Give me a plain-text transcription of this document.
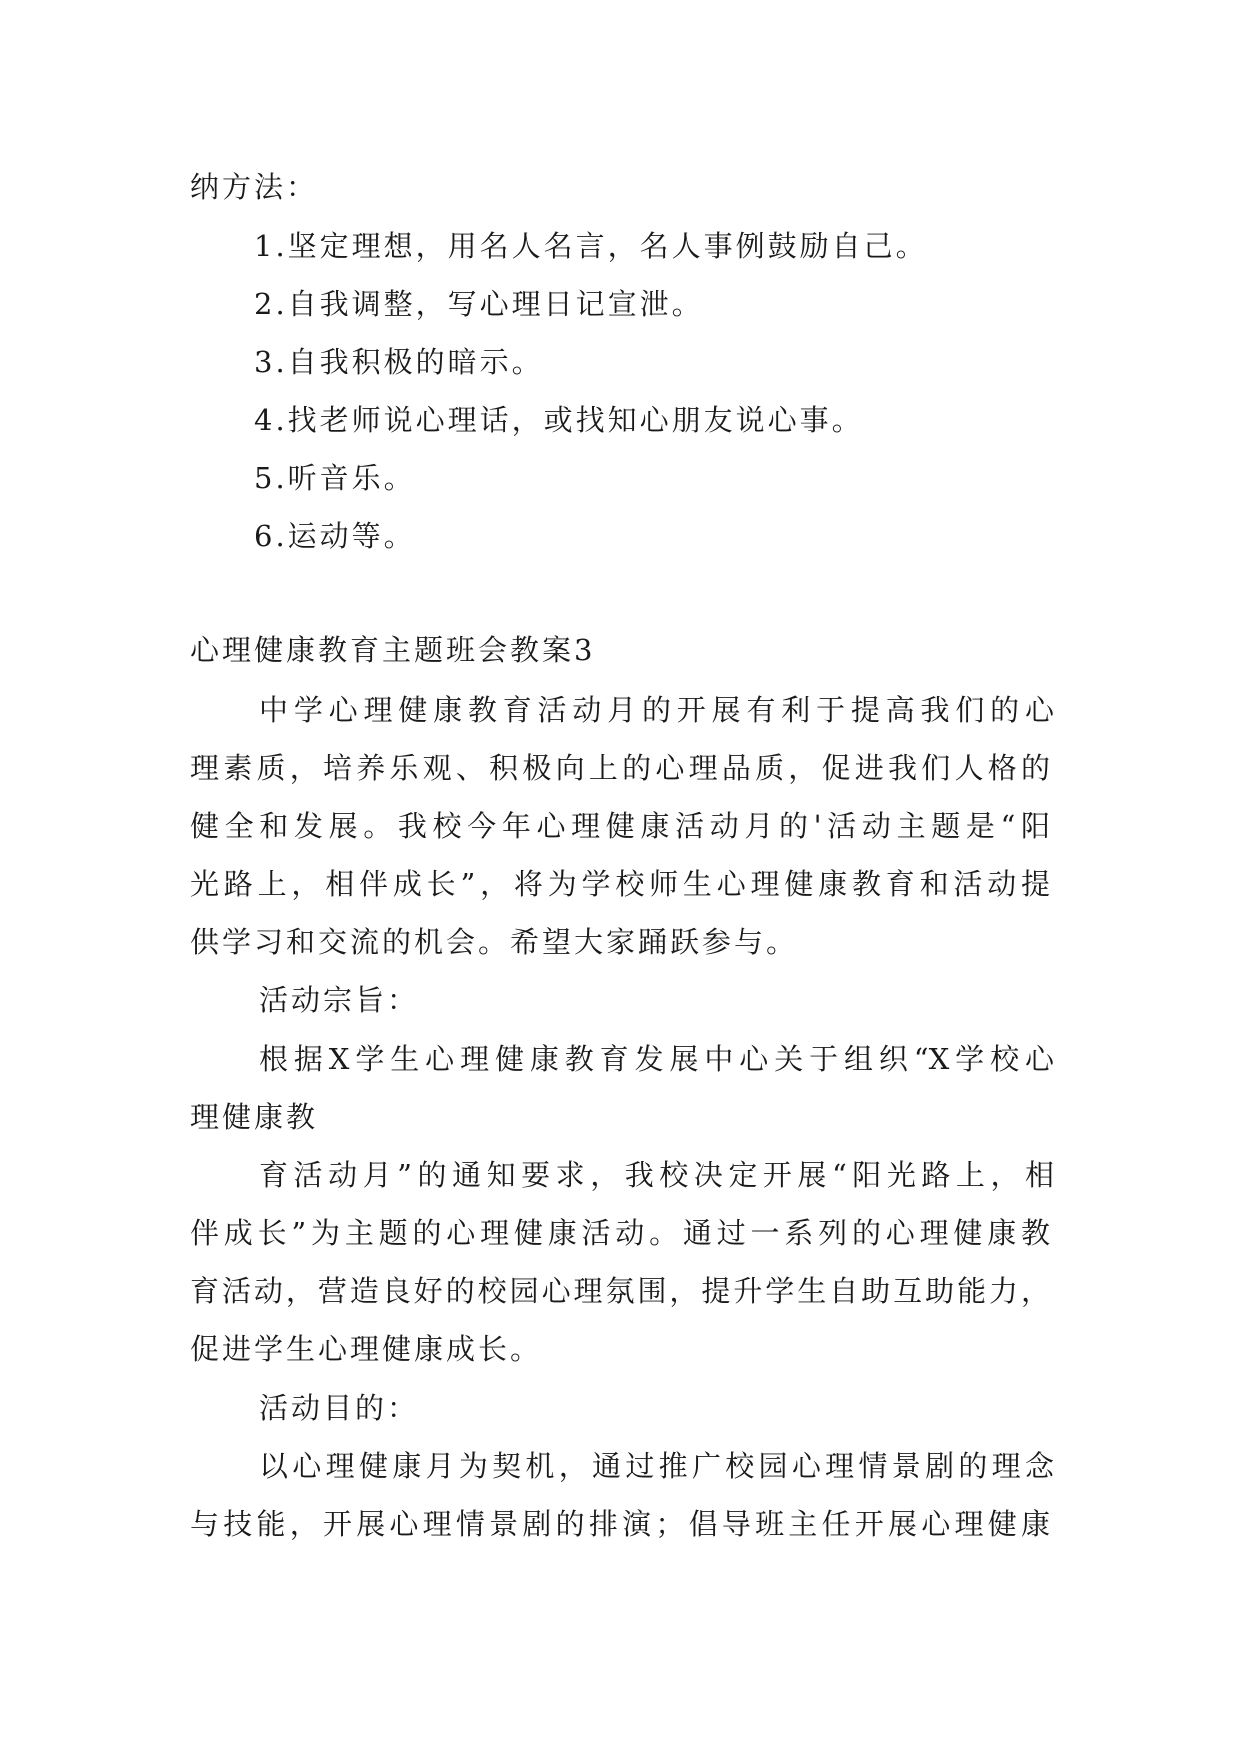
纳方法：
1.坚定理想，用名人名言，名人事例鼓励自己。
2.自我调整，写心理日记宣泄。
3.自我积极的暗示。
4.找老师说心理话，或找知心朋友说心事。
5.听音乐。
6.运动等。
心理健康教育主题班会教案3
中学心理健康教育活动月的开展有利于提高我们的心
理素质，培养乐观、积极向上的心理品质，促进我们人格的
健全和发展。我校今年心理健康活动月的'活动主题是“阳
光路上，相伴成长”，将为学校师生心理健康教育和活动提
供学习和交流的机会。希望大家踊跃参与。
活动宗旨：
根据X学生心理健康教育发展中心关于组织“X学校心
理健康教
育活动月”的通知要求，我校决定开展“阳光路上，相
伴成长”为主题的心理健康活动。通过一系列的心理健康教
育活动，营造良好的校园心理氛围，提升学生自助互助能力，
促进学生心理健康成长。
活动目的：
以心理健康月为契机，通过推广校园心理情景剧的理念
与技能，开展心理情景剧的排演；倡导班主任开展心理健康
